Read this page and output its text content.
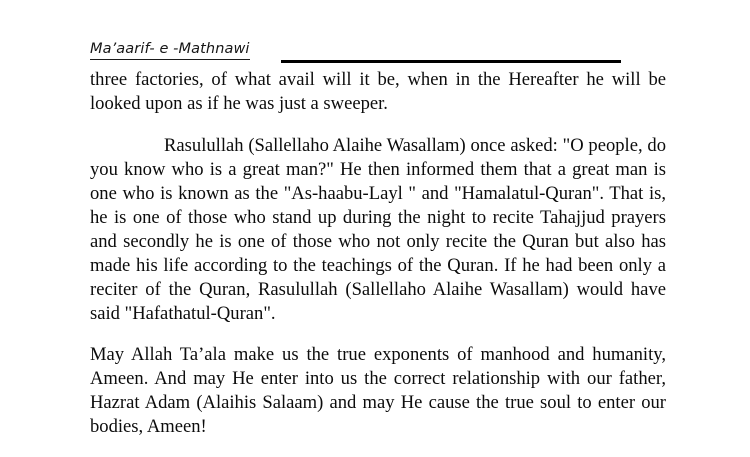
Ma’aarif- e -Mathnawi

three factories, of what avail will it be, when in the Hereafter he will be looked upon as if he was just a sweeper.

Rasulullah (Sallellaho Alaihe Wasallam) once asked: "O people, do you know who is a great man?" He then informed them that a great man is one who is known as the "As-haabu-Layl " and "Hamalatul-Quran". That is, he is one of those who stand up during the night to recite Tahajjud prayers and secondly he is one of those who not only recite the Quran but also has made his life according to the teachings of the Quran. If he had been only a reciter of the Quran, Rasulullah (Sallellaho Alaihe Wasallam) would have said "Hafathatul-Quran".

May Allah Ta’ala make us the true exponents of manhood and humanity, Ameen. And may He enter into us the correct relationship with our father, Hazrat Adam (Alaihis Salaam) and may He cause the true soul to enter our bodies, Ameen!
